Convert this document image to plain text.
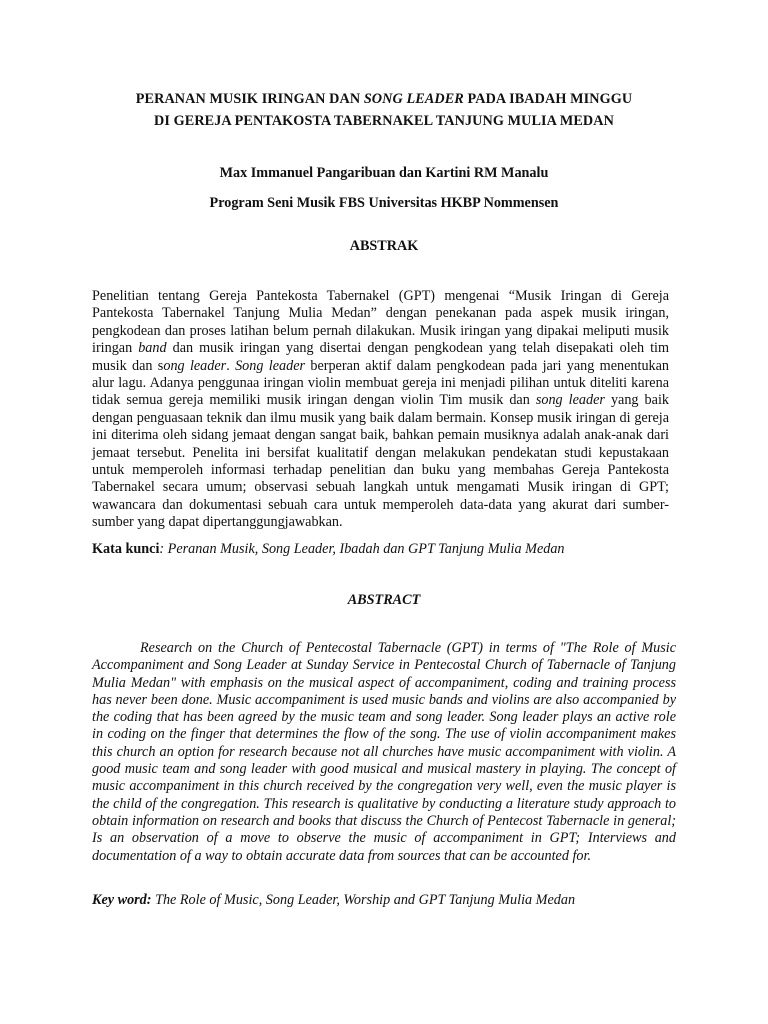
PERANAN MUSIK IRINGAN DAN SONG LEADER PADA IBADAH MINGGU
DI GEREJA PENTAKOSTA TABERNAKEL TANJUNG MULIA MEDAN
Max Immanuel Pangaribuan dan Kartini RM Manalu
Program Seni Musik FBS Universitas HKBP Nommensen
ABSTRAK

Penelitian tentang Gereja Pantekosta Tabernakel (GPT) mengenai “Musik Iringan di Gereja Pantekosta Tabernakel Tanjung Mulia Medan” dengan penekanan pada aspek musik iringan, pengkodean dan proses latihan belum pernah dilakukan. Musik iringan yang dipakai meliputi musik iringan band dan musik iringan yang disertai dengan pengkodean yang telah disepakati oleh tim musik dan song leader. Song leader berperan aktif dalam pengkodean pada jari yang menentukan alur lagu. Adanya penggunaa iringan violin membuat gereja ini menjadi pilihan untuk diteliti karena tidak semua gereja memiliki musik iringan dengan violin Tim musik dan song leader yang baik dengan penguasaan teknik dan ilmu musik yang baik dalam bermain. Konsep musik iringan di gereja ini diterima oleh sidang jemaat dengan sangat baik, bahkan pemain musiknya adalah anak-anak dari jemaat tersebut. Penelita ini bersifat kualitatif dengan melakukan pendekatan studi kepustakaan untuk memperoleh informasi terhadap penelitian dan buku yang membahas Gereja Pantekosta Tabernakel secara umum; observasi sebuah langkah untuk mengamati Musik iringan di GPT; wawancara dan dokumentasi sebuah cara untuk memperoleh data-data yang akurat dari sumber-sumber yang dapat dipertanggungjawabkan.

Kata kunci: Peranan Musik, Song Leader, Ibadah dan GPT Tanjung Mulia Medan
ABSTRACT

Research on the Church of Pentecostal Tabernacle (GPT) in terms of "The Role of Music Accompaniment and Song Leader at Sunday Service in Pentecostal Church of Tabernacle of Tanjung Mulia Medan" with emphasis on the musical aspect of accompaniment, coding and training process has never been done. Music accompaniment is used music bands and violins are also accompanied by the coding that has been agreed by the music team and song leader. Song leader plays an active role in coding on the finger that determines the flow of the song. The use of violin accompaniment makes this church an option for research because not all churches have music accompaniment with violin. A good music team and song leader with good musical and musical mastery in playing. The concept of music accompaniment in this church received by the congregation very well, even the music player is the child of the congregation. This research is qualitative by conducting a literature study approach to obtain information on research and books that discuss the Church of Pentecost Tabernacle in general; Is an observation of a move to observe the music of accompaniment in GPT; Interviews and documentation of a way to obtain accurate data from sources that can be accounted for.

Key word: The Role of Music, Song Leader, Worship and GPT Tanjung Mulia Medan
